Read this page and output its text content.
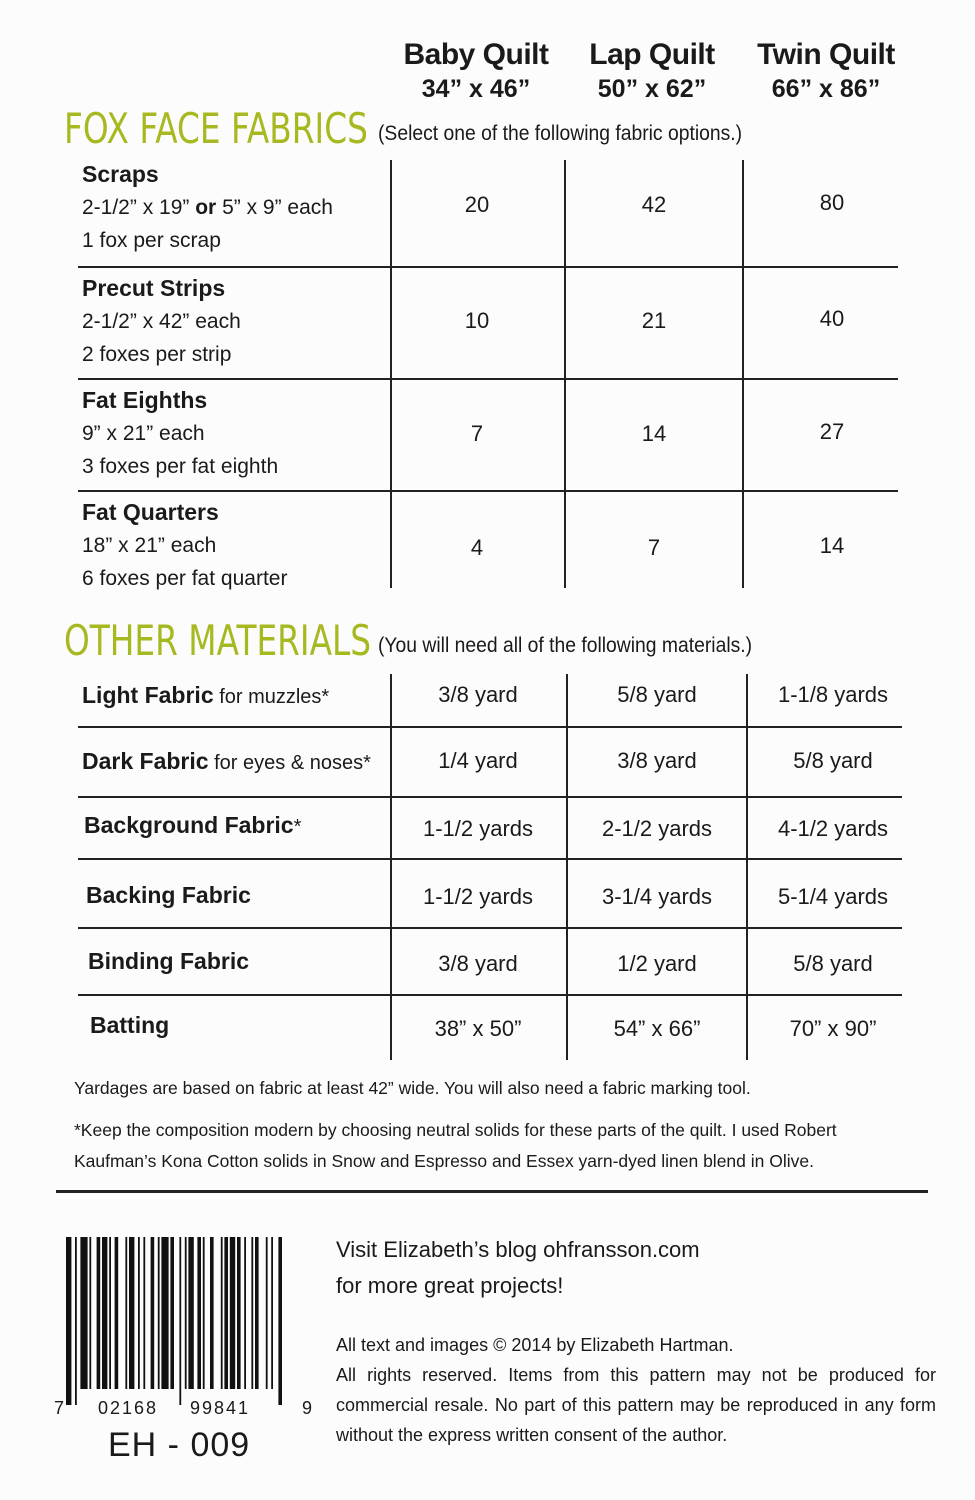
Baby Quilt
34” x 46”
Lap Quilt
50” x 62”
Twin Quilt
66” x 86”
FOX FACE FABRICS (Select one of the following fabric options.)
Scraps
2-1/2” x 19” or 5” x 9” each
1 fox per scrap
20	42	80
Precut Strips
2-1/2” x 42” each
2 foxes per strip
10	21	40
Fat Eighths
9” x 21” each
3 foxes per fat eighth
7	14	27
Fat Quarters
18” x 21” each
6 foxes per fat quarter
4	7	14
OTHER MATERIALS (You will need all of the following materials.)
Light Fabric for muzzles*	3/8 yard	5/8 yard	1-1/8 yards
Dark Fabric for eyes & noses*	1/4 yard	3/8 yard	5/8 yard
Background Fabric*	1-1/2 yards	2-1/2 yards	4-1/2 yards
Backing Fabric	1-1/2 yards	3-1/4 yards	5-1/4 yards
Binding Fabric	3/8 yard	1/2 yard	5/8 yard
Batting	38” x 50”	54” x 66”	70” x 90”
Yardages are based on fabric at least 42” wide. You will also need a fabric marking tool.
*Keep the composition modern by choosing neutral solids for these parts of the quilt. I used Robert Kaufman’s Kona Cotton solids in Snow and Espresso and Essex yarn-dyed linen blend in Olive.
7 02168 99841	9
EH - 009
Visit Elizabeth’s blog ohfransson.com
for more great projects!
All text and images © 2014 by Elizabeth Hartman.
All rights reserved. Items from this pattern may not be produced for commercial resale. No part of this pattern may be reproduced in any form without the express written consent of the author.
